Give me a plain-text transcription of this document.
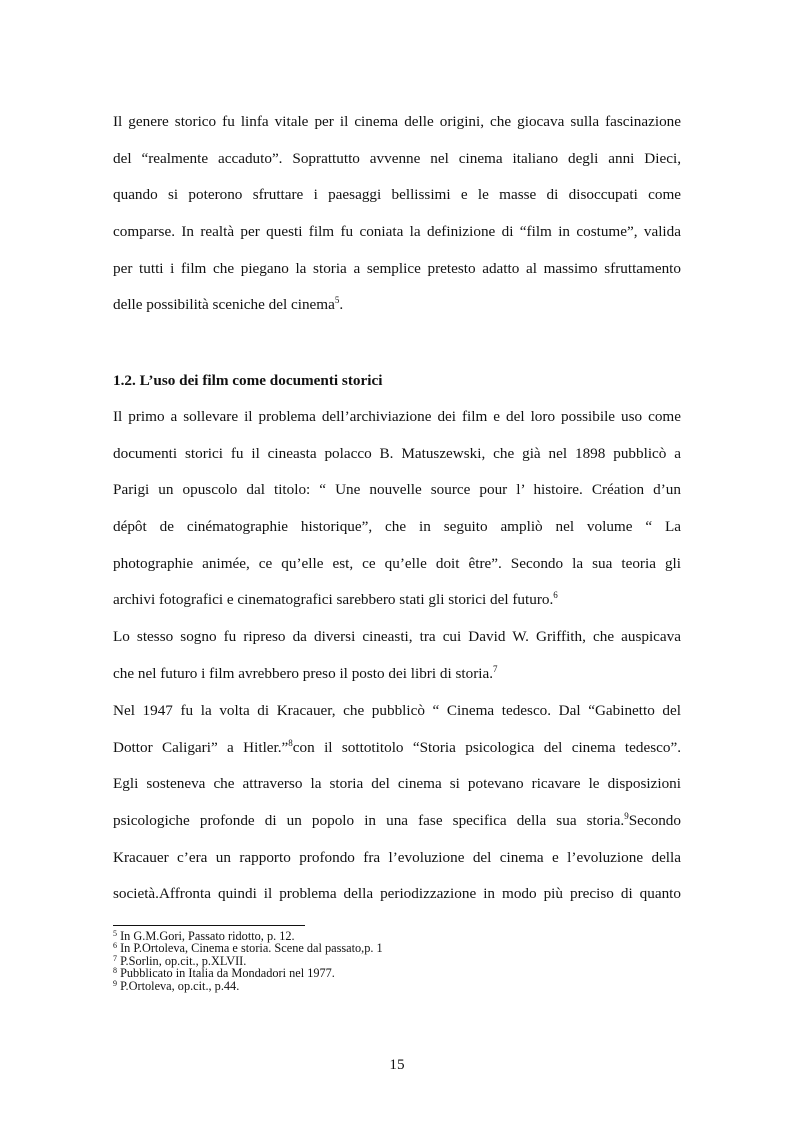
Il genere storico fu linfa vitale per il cinema delle origini, che giocava sulla fascinazione
del “realmente accaduto”. Soprattutto avvenne nel cinema italiano degli anni Dieci,
quando si poterono sfruttare i paesaggi bellissimi e le masse di disoccupati come
comparse. In realtà per questi film fu coniata la definizione di “film in costume”, valida
per tutti i film che piegano la storia a semplice pretesto adatto al massimo sfruttamento
delle possibilità sceniche del cinema$^5$.
1.2. L’uso dei film come documenti storici
Il primo a sollevare il problema dell’archiviazione dei film e del loro possibile uso come
documenti storici fu il cineasta polacco B. Matuszewski, che già nel 1898 pubblicò a
Parigi un opuscolo dal titolo: “ Une nouvelle source pour l’ histoire. Création d’un
dépôt de cinématographie historique”, che in seguito ampliò nel volume “ La
photographie animée, ce qu’elle est, ce qu’elle doit être”. Secondo la sua teoria gli
archivi fotografici e cinematografici sarebbero stati gli storici del futuro.$^6$
Lo stesso sogno fu ripreso da diversi cineasti, tra cui David W. Griffith, che auspicava
che nel futuro i film avrebbero preso il posto dei libri di storia.$^7$
Nel 1947 fu la volta di Kracauer, che pubblicò “ Cinema tedesco. Dal “Gabinetto del
Dottor Caligari” a Hitler.”$^8$con il sottotitolo “Storia psicologica del cinema tedesco”.
Egli sosteneva che attraverso la storia del cinema si potevano ricavare le disposizioni
psicologiche profonde di un popolo in una fase specifica della sua storia.$^9$Secondo
Kracauer c’era un rapporto profondo fra l’evoluzione del cinema e l’evoluzione della
società.Affronta quindi il problema della periodizzazione in modo più preciso di quanto
$^5$ In G.M.Gori, Passato ridotto, p. 12.
$^6$ In P.Ortoleva, Cinema e storia. Scene dal passato,p. 1
$^7$ P.Sorlin, op.cit., p.XLVII.
$^8$ Pubblicato in Italia da Mondadori nel 1977.
$^9$ P.Ortoleva, op.cit., p.44.
15
